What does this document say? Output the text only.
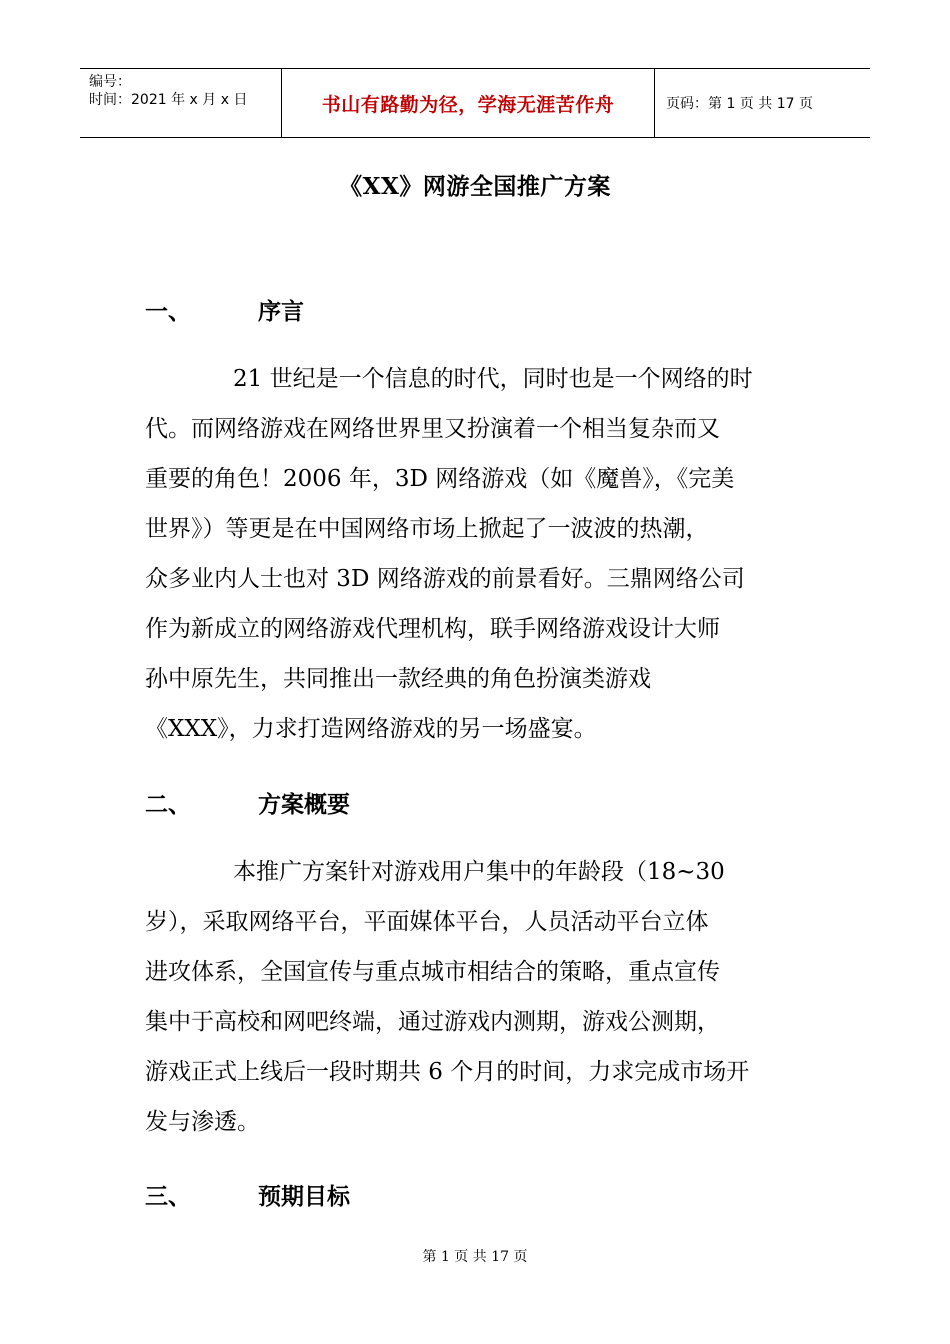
编号：
时间：2021 年 x 月 x 日	书山有路勤为径，学海无涯苦作舟	页码：第 1 页 共 17 页
《XX》网游全国推广方案
一、	序言
21 世纪是一个信息的时代，同时也是一个网络的时
代。而网络游戏在网络世界里又扮演着一个相当复杂而又
重要的角色！2006 年，3D 网络游戏（如《魔兽》，《完美
世界》）等更是在中国网络市场上掀起了一波波的热潮，
众多业内人士也对 3D 网络游戏的前景看好。三鼎网络公司
作为新成立的网络游戏代理机构，联手网络游戏设计大师
孙中原先生，共同推出一款经典的角色扮演类游戏
《XXX》，力求打造网络游戏的另一场盛宴。
二、	方案概要
本推广方案针对游戏用户集中的年龄段（18~30
岁），采取网络平台，平面媒体平台，人员活动平台立体
进攻体系，全国宣传与重点城市相结合的策略，重点宣传
集中于高校和网吧终端，通过游戏内测期，游戏公测期，
游戏正式上线后一段时期共 6 个月的时间，力求完成市场开
发与渗透。
三、	预期目标
第 1 页 共 17 页
